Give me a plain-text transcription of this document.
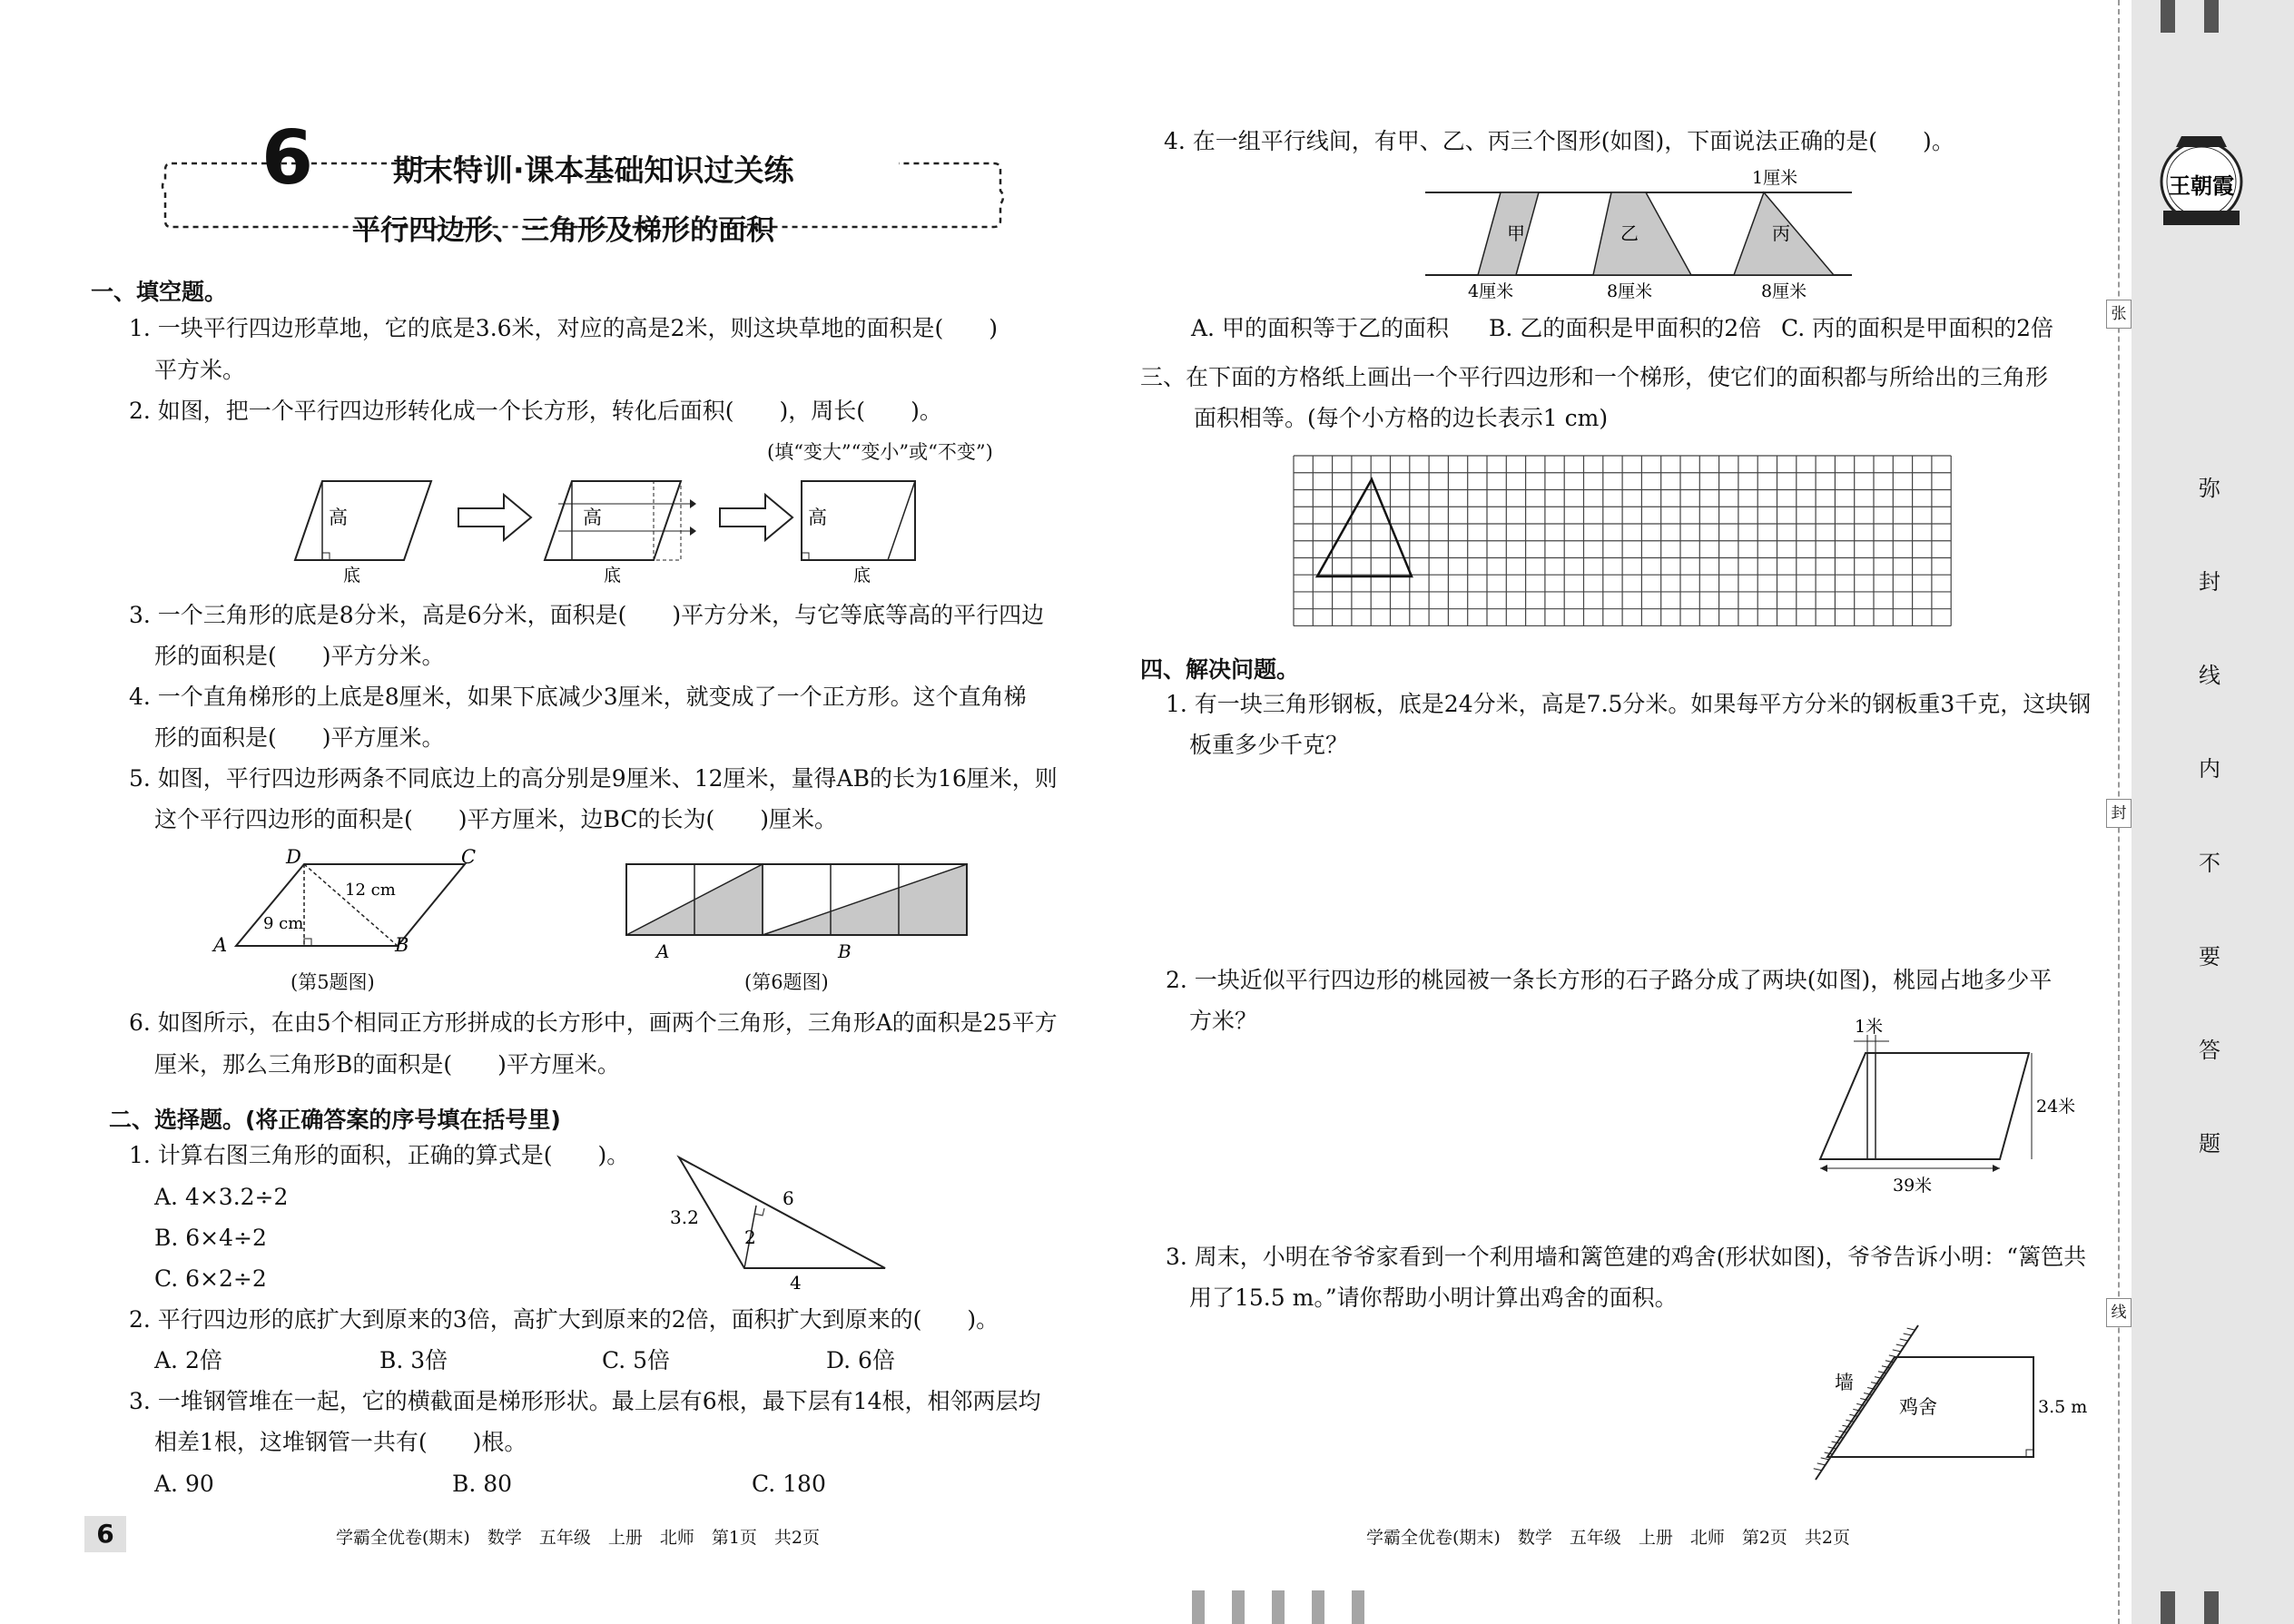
6	期末特训·课本基础知识过关练
平行四边形、三角形及梯形的面积
一、填空题。
1. 一块平行四边形草地，它的底是3.6米，对应的高是2米，则这块草地的面积是(　　)
平方米。
2. 如图，把一个平行四边形转化成一个长方形，转化后面积(　　)，周长(　　)。
(填“变大”“变小”或“不变”)
高
底
高
底
高
底
3. 一个三角形的底是8分米，高是6分米，面积是(　　)平方分米，与它等底等高的平行四边
形的面积是(　　)平方分米。
4. 一个直角梯形的上底是8厘米，如果下底减少3厘米，就变成了一个正方形。这个直角梯
形的面积是(　　)平方厘米。
5. 如图，平行四边形两条不同底边上的高分别是9厘米、12厘米，量得AB的长为16厘米，则
这个平行四边形的面积是(　　)平方厘米，边BC的长为(　　)厘米。
D	C
A	B
12 cm
9 cm
(第5题图)
A	B
(第6题图)
6. 如图所示，在由5个相同正方形拼成的长方形中，画两个三角形，三角形A的面积是25平方
厘米，那么三角形B的面积是(　　)平方厘米。
二、选择题。(将正确答案的序号填在括号里)
1. 计算右图三角形的面积，正确的算式是(　　)。
A. 4×3.2÷2
B. 6×4÷2
C. 6×2÷2
3.2
6
2
4
2. 平行四边形的底扩大到原来的3倍，高扩大到原来的2倍，面积扩大到原来的(　　)。
A. 2倍	B. 3倍	C. 5倍	D. 6倍
3. 一堆钢管堆在一起，它的横截面是梯形形状。最上层有6根，最下层有14根，相邻两层均
相差1根，这堆钢管一共有(　　)根。
A. 90	B. 80	C. 180
4. 在一组平行线间，有甲、乙、丙三个图形(如图)，下面说法正确的是(　　)。
1厘米
甲	乙	丙
4厘米	8厘米	8厘米
A. 甲的面积等于乙的面积 B. 乙的面积是甲面积的2倍 C. 丙的面积是甲面积的2倍
三、在下面的方格纸上画出一个平行四边形和一个梯形，使它们的面积都与所给出的三角形
面积相等。(每个小方格的边长表示1 cm)
四、解决问题。
1. 有一块三角形钢板，底是24分米，高是7.5分米。如果每平方分米的钢板重3千克，这块钢
板重多少千克？
2. 一块近似平行四边形的桃园被一条长方形的石子路分成了两块(如图)，桃园占地多少平
方米？	1米
24米
39米
3. 周末，小明在爷爷家看到一个利用墙和篱笆建的鸡舍(形状如图)，爷爷告诉小明：“篱笆共
用了15.5 m。”请你帮助小明计算出鸡舍的面积。
墙
鸡舍	3.5 m
6	学霸全优卷(期末)　数学　五年级　上册　北师　第1页　共2页	学霸全优卷(期末)　数学　五年级　上册　北师　第2页　共2页
王朝霞
弥
封
线
内
不
要
答
题
张
封
线
